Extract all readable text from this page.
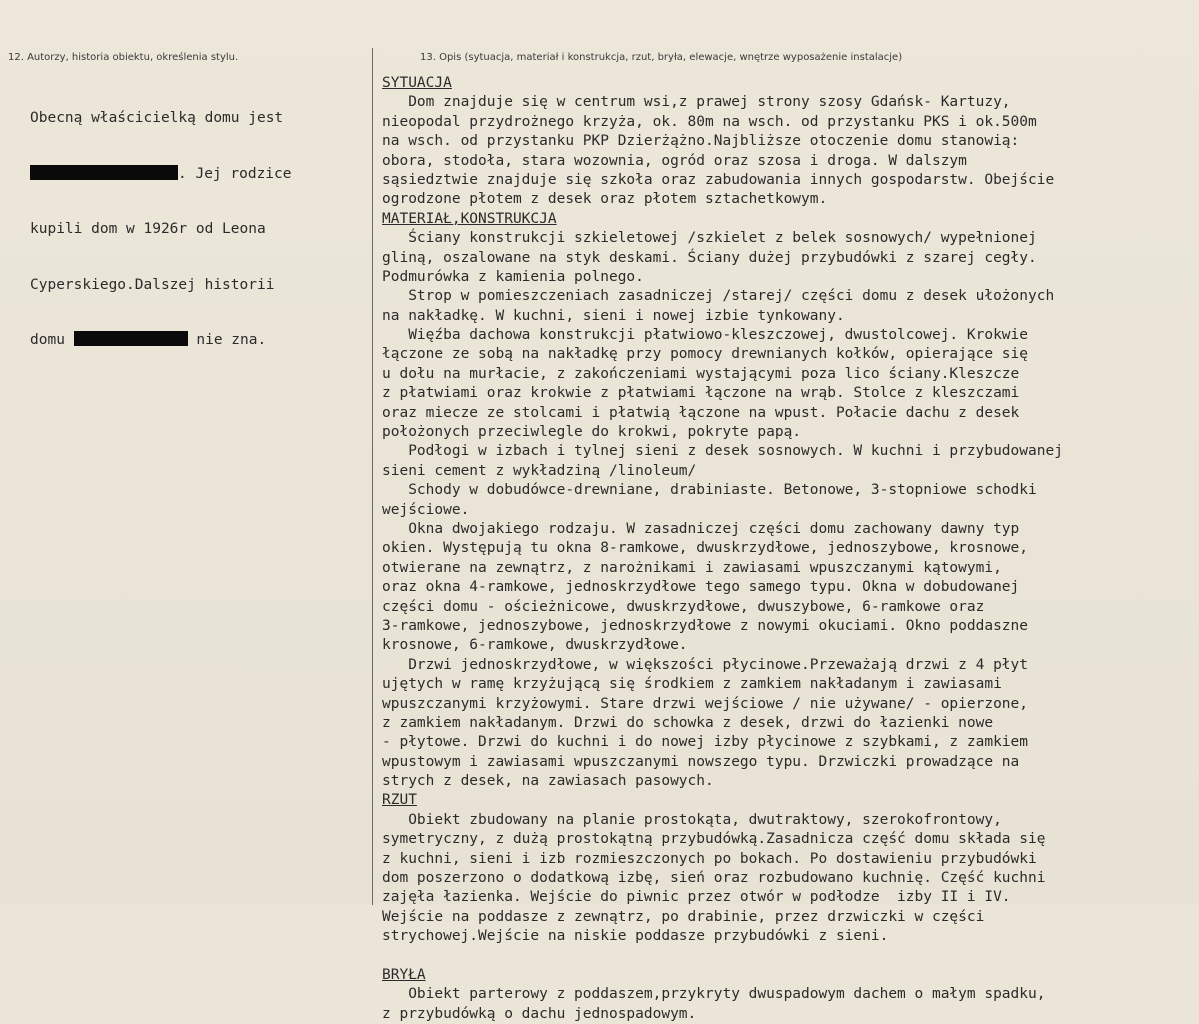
12. Autorzy, historia obiektu, określenia stylu.	13. Opis (sytuacja, materiał i konstrukcja, rzut, bryła, elewacje, wnętrze wyposażenie instalacje)

Obecną właścicielką domu jest

. Jej rodzice

kupili dom w 1926r od Leona

Cyperskiego.Dalszej historii

domu	nie zna.

SYTUACJA
Dom znajduje się w centrum wsi,z prawej strony szosy Gdańsk- Kartuzy,
nieopodal przydrożnego krzyża, ok. 80m na wsch. od przystanku PKS i ok.500m
na wsch. od przystanku PKP Dzierżążno.Najbliższe otoczenie domu stanowią:
obora, stodoła, stara wozownia, ogród oraz szosa i droga. W dalszym
sąsiedztwie znajduje się szkoła oraz zabudowania innych gospodarstw. Obejście
ogrodzone płotem z desek oraz płotem sztachetkowym.
MATERIAŁ,KONSTRUKCJA
Ściany konstrukcji szkieletowej /szkielet z belek sosnowych/ wypełnionej
gliną, oszalowane na styk deskami. Ściany dużej przybudówki z szarej cegły.
Podmurówka z kamienia polnego.
Strop w pomieszczeniach zasadniczej /starej/ części domu z desek ułożonych
na nakładkę. W kuchni, sieni i nowej izbie tynkowany.
Więźba dachowa konstrukcji płatwiowo-kleszczowej, dwustolcowej. Krokwie
łączone ze sobą na nakładkę przy pomocy drewnianych kołków, opierające się
u dołu na murłacie, z zakończeniami wystającymi poza lico ściany.Kleszcze
z płatwiami oraz krokwie z płatwiami łączone na wrąb. Stolce z kleszczami
oraz miecze ze stolcami i płatwią łączone na wpust. Połacie dachu z desek
położonych przeciwlegle do krokwi, pokryte papą.
Podłogi w izbach i tylnej sieni z desek sosnowych. W kuchni i przybudowanej
sieni cement z wykładziną /linoleum/
Schody w dobudówce-drewniane, drabiniaste. Betonowe, 3-stopniowe schodki
wejściowe.
Okna dwojakiego rodzaju. W zasadniczej części domu zachowany dawny typ
okien. Występują tu okna 8-ramkowe, dwuskrzydłowe, jednoszybowe, krosnowe,
otwierane na zewnątrz, z narożnikami i zawiasami wpuszczanymi kątowymi,
oraz okna 4-ramkowe, jednoskrzydłowe tego samego typu. Okna w dobudowanej
części domu - ościeżnicowe, dwuskrzydłowe, dwuszybowe, 6-ramkowe oraz
3-ramkowe, jednoszybowe, jednoskrzydłowe z nowymi okuciami. Okno poddaszne
krosnowe, 6-ramkowe, dwuskrzydłowe.
Drzwi jednoskrzydłowe, w większości płycinowe.Przeważają drzwi z 4 płyt
ujętych w ramę krzyżującą się środkiem z zamkiem nakładanym i zawiasami
wpuszczanymi krzyżowymi. Stare drzwi wejściowe / nie używane/ - opierzone,
z zamkiem nakładanym. Drzwi do schowka z desek, drzwi do łazienki nowe
- płytowe. Drzwi do kuchni i do nowej izby płycinowe z szybkami, z zamkiem
wpustowym i zawiasami wpuszczanymi nowszego typu. Drzwiczki prowadzące na
strych z desek, na zawiasach pasowych.
RZUT
Obiekt zbudowany na planie prostokąta, dwutraktowy, szerokofrontowy,
symetryczny, z dużą prostokątną przybudówką.Zasadnicza część domu składa się
z kuchni, sieni i izb rozmieszczonych po bokach. Po dostawieniu przybudówki
dom poszerzono o dodatkową izbę, sień oraz rozbudowano kuchnię. Część kuchni
zajęła łazienka. Wejście do piwnic przez otwór w podłodze  izby II i IV.
Wejście na poddasze z zewnątrz, po drabinie, przez drzwiczki w części
strychowej.Wejście na niskie poddasze przybudówki z sieni.
BRYŁA
Obiekt parterowy z poddaszem,przykryty dwuspadowym dachem o małym spadku,
z przybudówką o dachu jednospadowym.
